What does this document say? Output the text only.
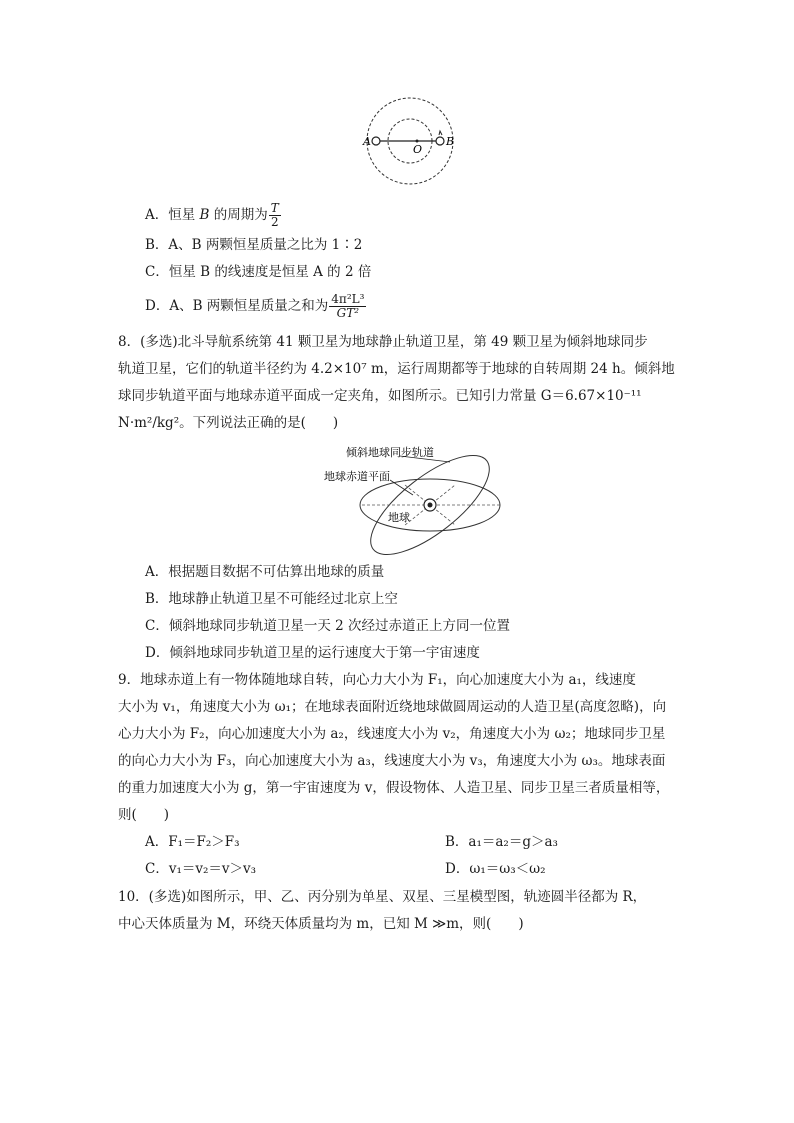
A
O
B
A．恒星 B 的周期为 $\frac{T}{2}$
B．A、B 两颗恒星质量之比为 1∶2
C．恒星 B 的线速度是恒星 A 的 2 倍
D．A、B 两颗恒星质量之和为 $\frac{\text{4π²L³}}{\text{GT²}}$
8．(多选)北斗导航系统第 41 颗卫星为地球静止轨道卫星，第 49 颗卫星为倾斜地球同步
轨道卫星，它们的轨道半径约为 4.2×10⁷ m，运行周期都等于地球的自转周期 24 h。倾斜地
球同步轨道平面与地球赤道平面成一定夹角，如图所示。已知引力常量 G＝6.67×10⁻¹¹
N·m²/kg²。下列说法正确的是(　　)
倾斜地球同步轨道
地球赤道平面
地球
A．根据题目数据不可估算出地球的质量
B．地球静止轨道卫星不可能经过北京上空
C．倾斜地球同步轨道卫星一天 2 次经过赤道正上方同一位置
D．倾斜地球同步轨道卫星的运行速度大于第一宇宙速度
9．地球赤道上有一物体随地球自转，向心力大小为 F₁，向心加速度大小为 a₁，线速度
大小为 v₁，角速度大小为 ω₁；在地球表面附近绕地球做圆周运动的人造卫星(高度忽略)，向
心力大小为 F₂，向心加速度大小为 a₂，线速度大小为 v₂，角速度大小为 ω₂；地球同步卫星
的向心力大小为 F₃，向心加速度大小为 a₃，线速度大小为 v₃，角速度大小为 ω₃。地球表面
的重力加速度大小为 g，第一宇宙速度为 v，假设物体、人造卫星、同步卫星三者质量相等，
则(　　)
A．F₁＝F₂＞F₃	B．a₁＝a₂＝g＞a₃
C．v₁＝v₂＝v＞v₃	D．ω₁＝ω₃＜ω₂
10．(多选)如图所示，甲、乙、丙分别为单星、双星、三星模型图，轨迹圆半径都为 R，
中心天体质量为 M，环绕天体质量均为 m，已知 M ≫m，则(　　)
